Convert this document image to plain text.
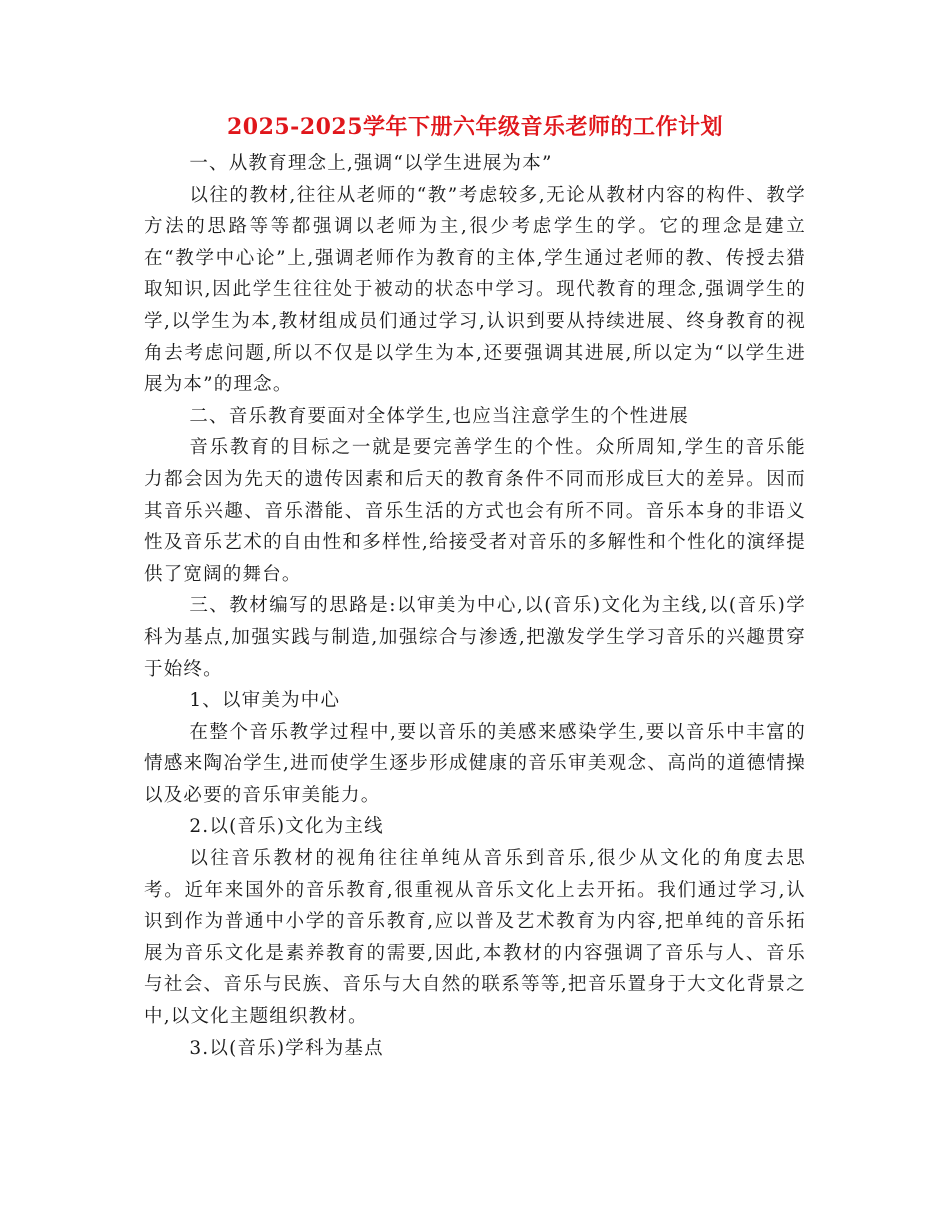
2025-2025学年下册六年级音乐老师的工作计划

一、从教育理念上,强调“以学生进展为本”

以往的教材,往往从老师的“教”考虑较多,无论从教材内容的构件、教学方法的思路等等都强调以老师为主,很少考虑学生的学。它的理念是建立在“教学中心论”上,强调老师作为教育的主体,学生通过老师的教、传授去猎取知识,因此学生往往处于被动的状态中学习。现代教育的理念,强调学生的学,以学生为本,教材组成员们通过学习,认识到要从持续进展、终身教育的视角去考虑问题,所以不仅是以学生为本,还要强调其进展,所以定为“以学生进展为本”的理念。

二、音乐教育要面对全体学生,也应当注意学生的个性进展

音乐教育的目标之一就是要完善学生的个性。众所周知,学生的音乐能力都会因为先天的遗传因素和后天的教育条件不同而形成巨大的差异。因而其音乐兴趣、音乐潜能、音乐生活的方式也会有所不同。音乐本身的非语义性及音乐艺术的自由性和多样性,给接受者对音乐的多解性和个性化的演绎提供了宽阔的舞台。

三、教材编写的思路是:以审美为中心,以(音乐)文化为主线,以(音乐)学科为基点,加强实践与制造,加强综合与渗透,把激发学生学习音乐的兴趣贯穿于始终。

1、以审美为中心

在整个音乐教学过程中,要以音乐的美感来感染学生,要以音乐中丰富的情感来陶冶学生,进而使学生逐步形成健康的音乐审美观念、高尚的道德情操以及必要的音乐审美能力。

2.以(音乐)文化为主线

以往音乐教材的视角往往单纯从音乐到音乐,很少从文化的角度去思考。近年来国外的音乐教育,很重视从音乐文化上去开拓。我们通过学习,认识到作为普通中小学的音乐教育,应以普及艺术教育为内容,把单纯的音乐拓展为音乐文化是素养教育的需要,因此,本教材的内容强调了音乐与人、音乐与社会、音乐与民族、音乐与大自然的联系等等,把音乐置身于大文化背景之中,以文化主题组织教材。

3.以(音乐)学科为基点
